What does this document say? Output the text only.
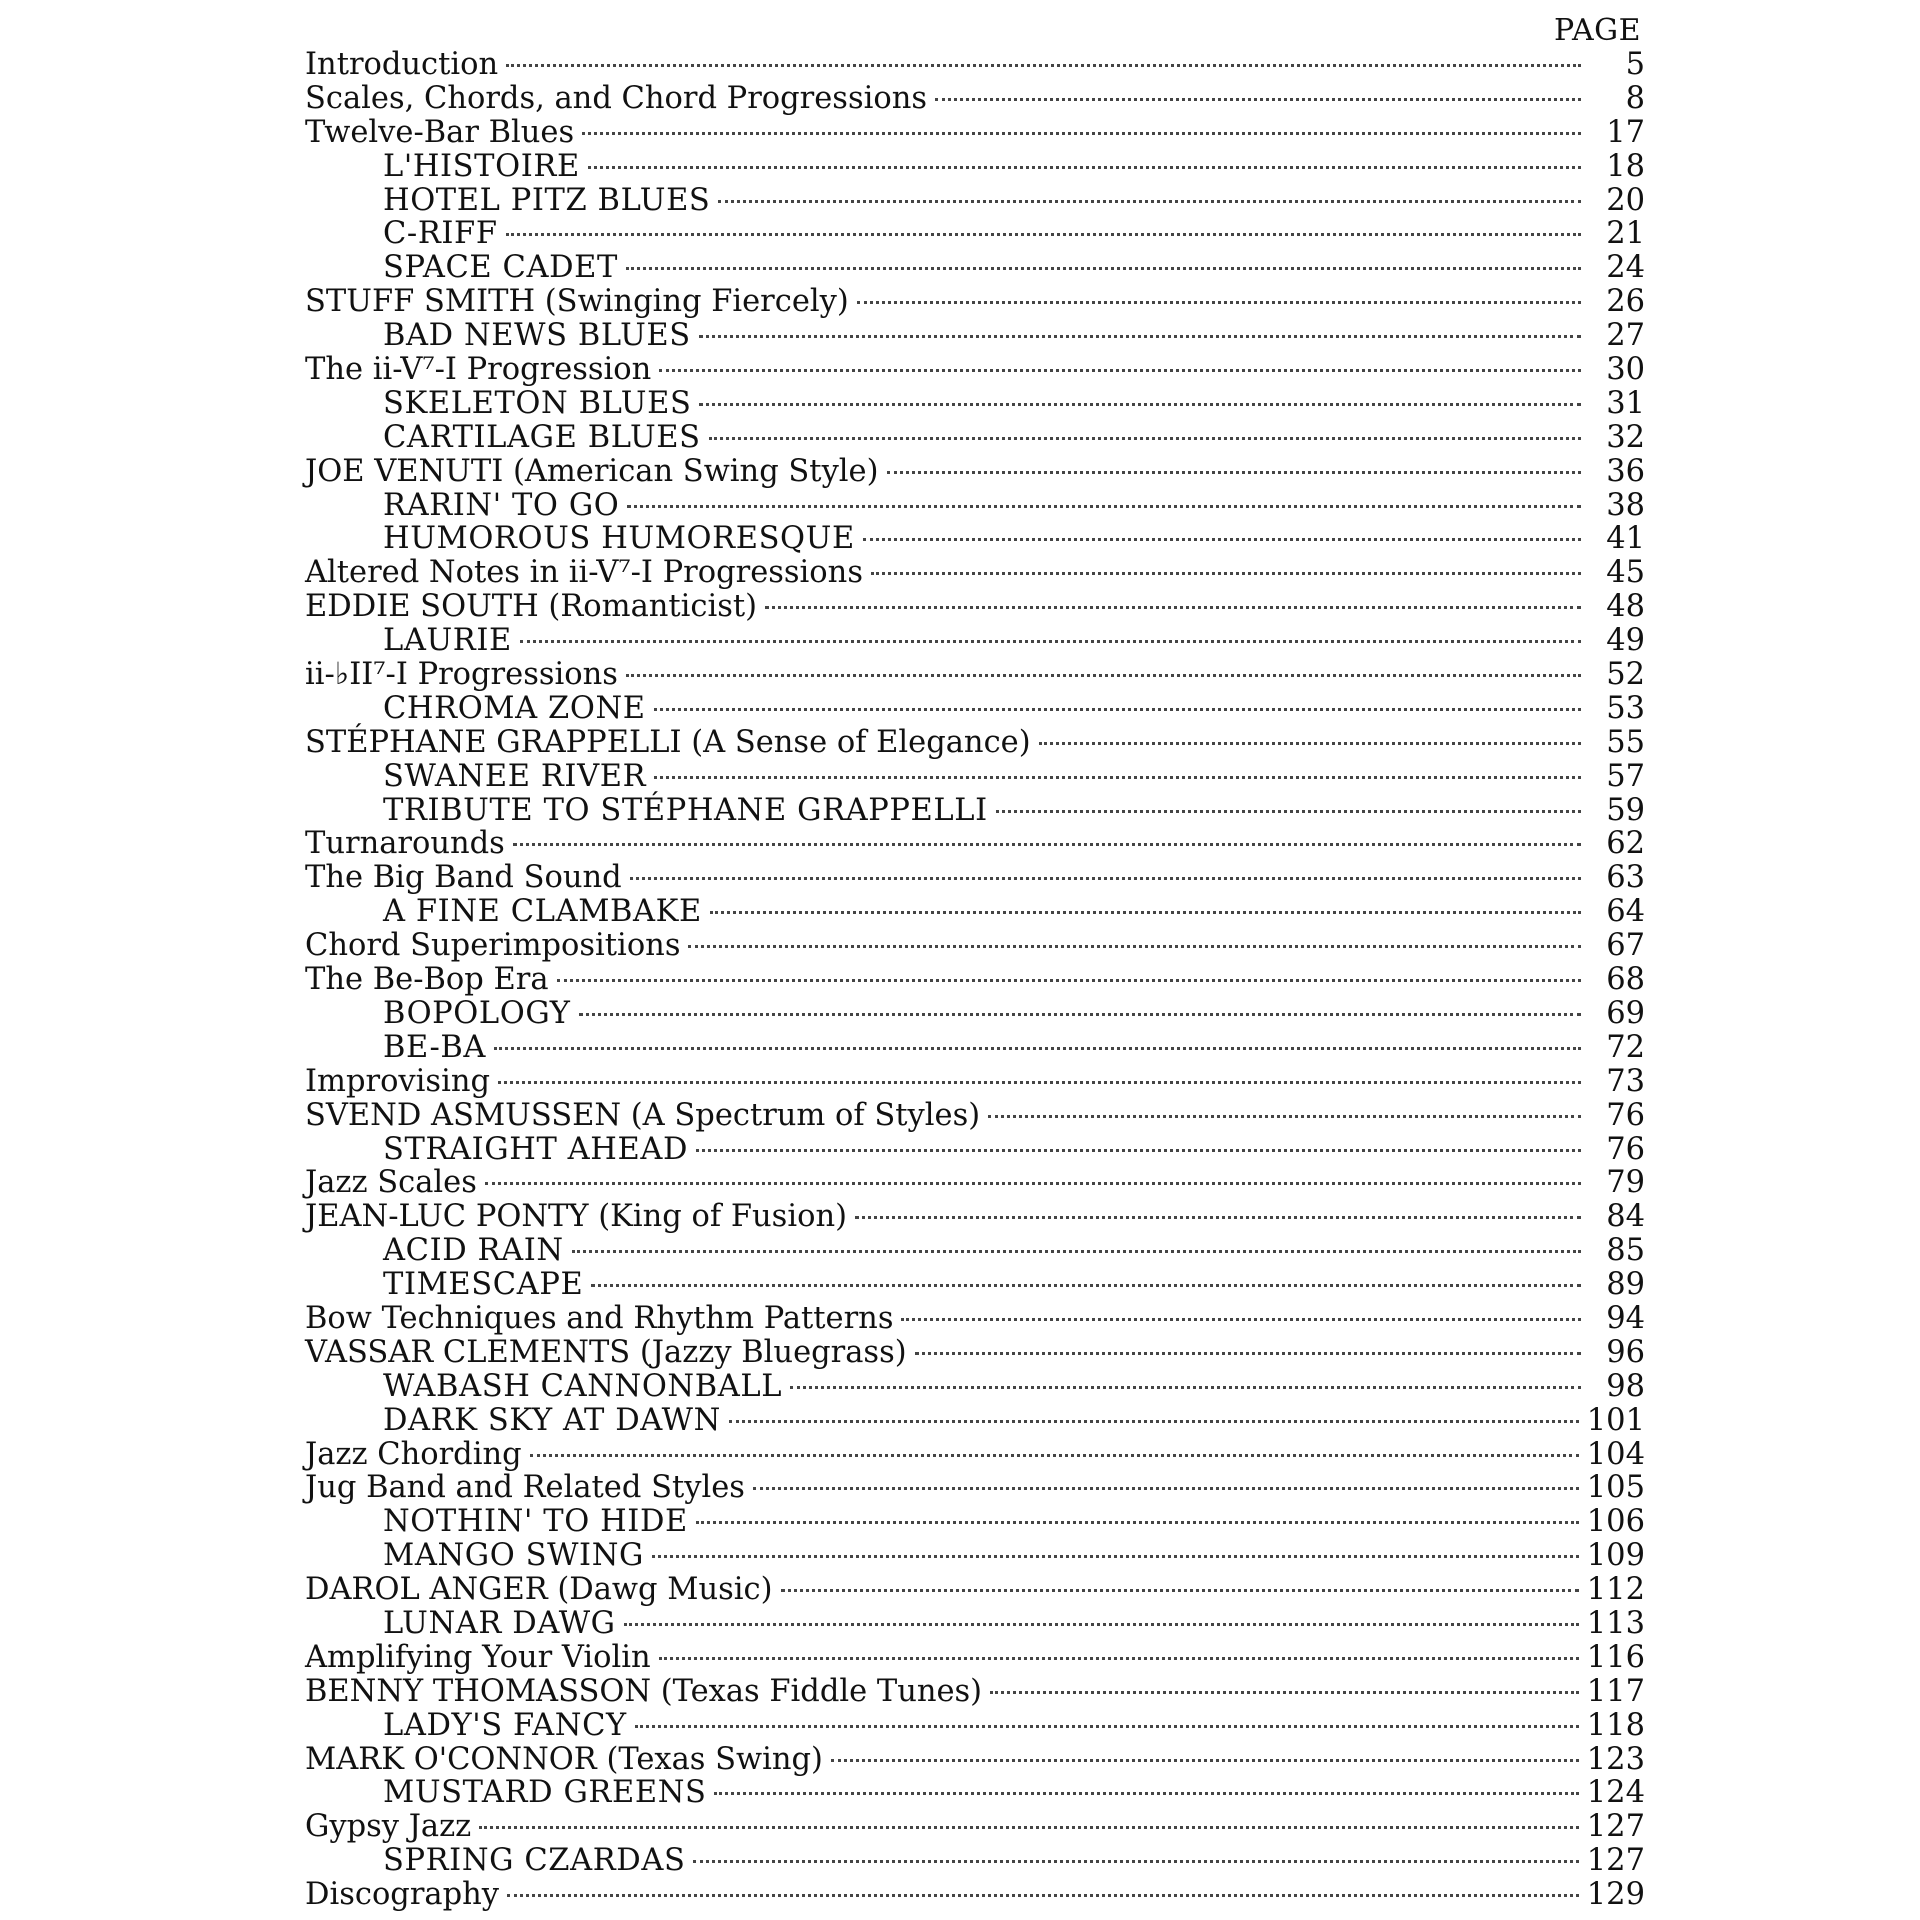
PAGE
Introduction	5
Scales, Chords, and Chord Progressions	8
Twelve-Bar Blues	17
L'HISTOIRE	18
HOTEL PITZ BLUES	20
C-RIFF	21
SPACE CADET	24
STUFF SMITH (Swinging Fiercely)	26
BAD NEWS BLUES	27
The ii-V⁷-I Progression	30
SKELETON BLUES	31
CARTILAGE BLUES	32
JOE VENUTI (American Swing Style)	36
RARIN' TO GO	38
HUMOROUS HUMORESQUE	41
Altered Notes in ii-V⁷-I Progressions	45
EDDIE SOUTH (Romanticist)	48
LAURIE	49
ii-♭II⁷-I Progressions	52
CHROMA ZONE	53
STÉPHANE GRAPPELLI (A Sense of Elegance)	55
SWANEE RIVER	57
TRIBUTE TO STÉPHANE GRAPPELLI	59
Turnarounds	62
The Big Band Sound	63
A FINE CLAMBAKE	64
Chord Superimpositions	67
The Be-Bop Era	68
BOPOLOGY	69
BE-BA	72
Improvising	73
SVEND ASMUSSEN (A Spectrum of Styles)	76
STRAIGHT AHEAD	76
Jazz Scales	79
JEAN-LUC PONTY (King of Fusion)	84
ACID RAIN	85
TIMESCAPE	89
Bow Techniques and Rhythm Patterns	94
VASSAR CLEMENTS (Jazzy Bluegrass)	96
WABASH CANNONBALL	98
DARK SKY AT DAWN	101
Jazz Chording	104
Jug Band and Related Styles	105
NOTHIN' TO HIDE	106
MANGO SWING	109
DAROL ANGER (Dawg Music)	112
LUNAR DAWG	113
Amplifying Your Violin	116
BENNY THOMASSON (Texas Fiddle Tunes)	117
LADY'S FANCY	118
MARK O'CONNOR (Texas Swing)	123
MUSTARD GREENS	124
Gypsy Jazz	127
SPRING CZARDAS	127
Discography	129
